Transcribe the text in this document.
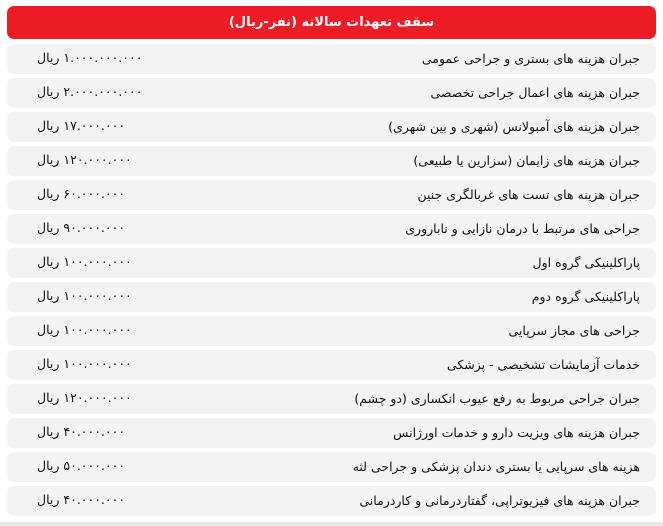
سقف تعهدات سالانه (نفر-ریال)
جبران هزینه های بستری و جراحی عمومی
۱.۰۰۰.۰۰۰.۰۰۰ ریال
جبران هزینه های اعمال جراحی تخصصی
۲.۰۰۰.۰۰۰.۰۰۰ ریال
جبران هزینه های آمبولانس (شهری و بین شهری)
۱۷.۰۰۰.۰۰۰ ریال
جبران هزینه های زایمان (سزارین یا طبیعی)
۱۲۰.۰۰۰.۰۰۰ ریال
جبران هزینه های تست های غربالگری جنین
۶۰.۰۰۰.۰۰۰ ریال
جراحی های مرتبط با درمان نازایی و ناباروری
۹۰.۰۰۰.۰۰۰ ریال
پاراکلینیکی گروه اول
۱۰۰.۰۰۰.۰۰۰ ریال
پاراکلینیکی گروه دوم
۱۰۰.۰۰۰.۰۰۰ ریال
جراحی های مجاز سرپایی
۱۰۰.۰۰۰.۰۰۰ ریال
خدمات آزمایشات تشخیصی - پزشکی
۱۰۰.۰۰۰.۰۰۰ ریال
جبران جراحی مربوط به رفع عیوب انکساری (دو چشم)
۱۲۰.۰۰۰.۰۰۰ ریال
جبران هزینه های ویزیت دارو و خدمات اورژانس
۴۰.۰۰۰.۰۰۰ ریال
هزینه های سرپایی یا بستری دندان پزشکی و جراحی لثه
۵۰.۰۰۰.۰۰۰ ریال
جبران هزینه های فیزیوتراپی، گفتاردرمانی و کاردرمانی
۴۰.۰۰۰.۰۰۰ ریال
